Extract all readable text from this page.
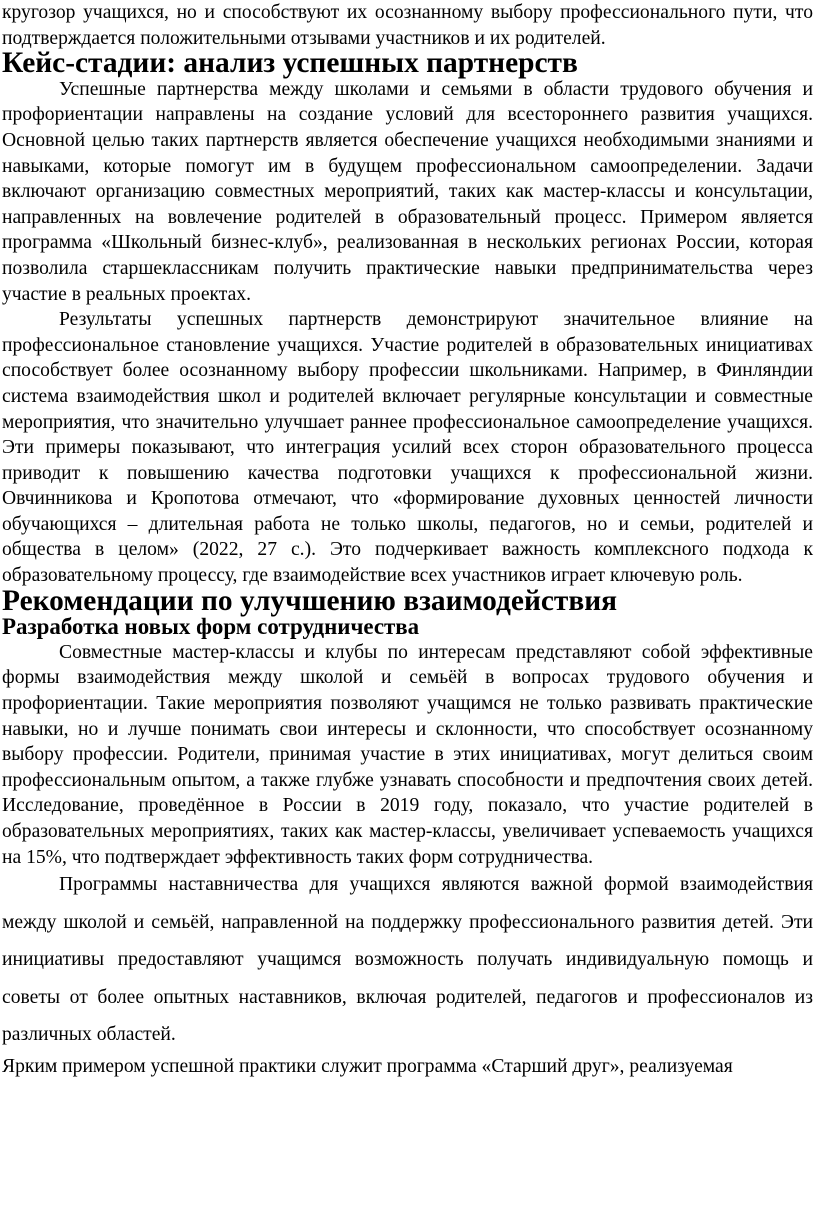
кругозор учащихся, но и способствуют их осознанному выбору профессионального пути, что подтверждается положительными отзывами участников и их родителей.

Кейс-стадии: анализ успешных партнерств

Успешные партнерства между школами и семьями в области трудового обучения и профориентации направлены на создание условий для всестороннего развития учащихся. Основной целью таких партнерств является обеспечение учащихся необходимыми знаниями и навыками, которые помогут им в будущем профессиональном самоопределении. Задачи включают организацию совместных мероприятий, таких как мастер-классы и консультации, направленных на вовлечение родителей в образовательный процесс. Примером является программа «Школьный бизнес-клуб», реализованная в нескольких регионах России, которая позволила старшеклассникам получить практические навыки предпринимательства через участие в реальных проектах.

Результаты успешных партнерств демонстрируют значительное влияние на профессиональное становление учащихся. Участие родителей в образовательных инициативах способствует более осознанному выбору профессии школьниками. Например, в Финляндии система взаимодействия школ и родителей включает регулярные консультации и совместные мероприятия, что значительно улучшает раннее профессиональное самоопределение учащихся. Эти примеры показывают, что интеграция усилий всех сторон образовательного процесса приводит к повышению качества подготовки учащихся к профессиональной жизни. Овчинникова и Кропотова отмечают, что «формирование духовных ценностей личности обучающихся – длительная работа не только школы, педагогов, но и семьи, родителей и общества в целом» (2022, 27 с.). Это подчеркивает важность комплексного подхода к образовательному процессу, где взаимодействие всех участников играет ключевую роль.

Рекомендации по улучшению взаимодействия
Разработка новых форм сотрудничества

Совместные мастер-классы и клубы по интересам представляют собой эффективные формы взаимодействия между школой и семьёй в вопросах трудового обучения и профориентации. Такие мероприятия позволяют учащимся не только развивать практические навыки, но и лучше понимать свои интересы и склонности, что способствует осознанному выбору профессии. Родители, принимая участие в этих инициативах, могут делиться своим профессиональным опытом, а также глубже узнавать способности и предпочтения своих детей. Исследование, проведённое в России в 2019 году, показало, что участие родителей в образовательных мероприятиях, таких как мастер-классы, увеличивает успеваемость учащихся на 15%, что подтверждает эффективность таких форм сотрудничества.

Программы наставничества для учащихся являются важной формой взаимодействия между школой и семьёй, направленной на поддержку профессионального развития детей. Эти инициативы предоставляют учащимся возможность получать индивидуальную помощь и советы от более опытных наставников, включая родителей, педагогов и профессионалов из различных областей.

Ярким примером успешной практики служит программа «Старший друг», реализуемая
